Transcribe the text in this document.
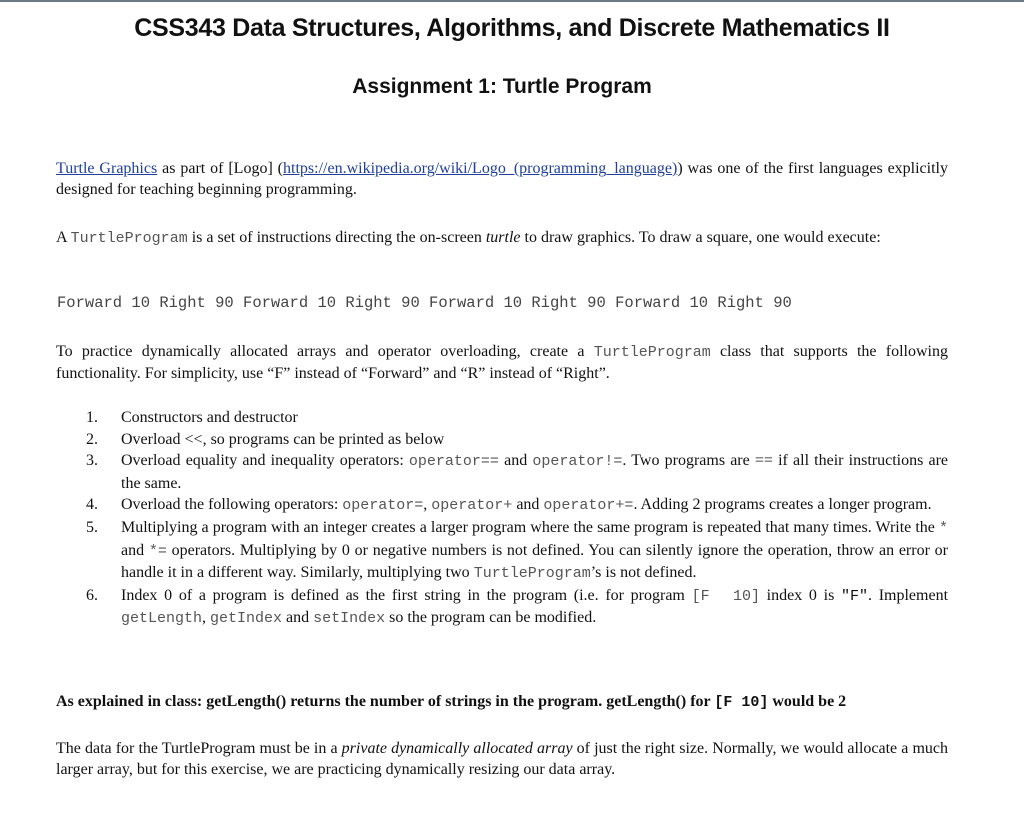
CSS343 Data Structures, Algorithms, and Discrete Mathematics II
Assignment 1: Turtle Program

Turtle Graphics as part of [Logo] (https://en.wikipedia.org/wiki/Logo_(programming_language)) was one of the first languages explicitly designed for teaching beginning programming.

A TurtleProgram is a set of instructions directing the on-screen turtle to draw graphics. To draw a square, one would execute:

Forward 10 Right 90 Forward 10 Right 90 Forward 10 Right 90 Forward 10 Right 90

To practice dynamically allocated arrays and operator overloading, create a TurtleProgram class that supports the following functionality. For simplicity, use “F” instead of “Forward” and “R” instead of “Right”.

1. Constructors and destructor
2. Overload <<, so programs can be printed as below
3. Overload equality and inequality operators: operator== and operator!=. Two programs are == if all their instructions are the same.
4. Overload the following operators: operator=, operator+ and operator+=. Adding 2 programs creates a longer program.
5. Multiplying a program with an integer creates a larger program where the same program is repeated that many times. Write the * and *= operators. Multiplying by 0 or negative numbers is not defined. You can silently ignore the operation, throw an error or handle it in a different way. Similarly, multiplying two TurtleProgram’s is not defined.
6. Index 0 of a program is defined as the first string in the program (i.e. for program [F  10] index 0 is "F". Implement getLength, getIndex and setIndex so the program can be modified.

As explained in class: getLength() returns the number of strings in the program. getLength() for [F 10] would be 2

The data for the TurtleProgram must be in a private dynamically allocated array of just the right size. Normally, we would allocate a much larger array, but for this exercise, we are practicing dynamically resizing our data array.
